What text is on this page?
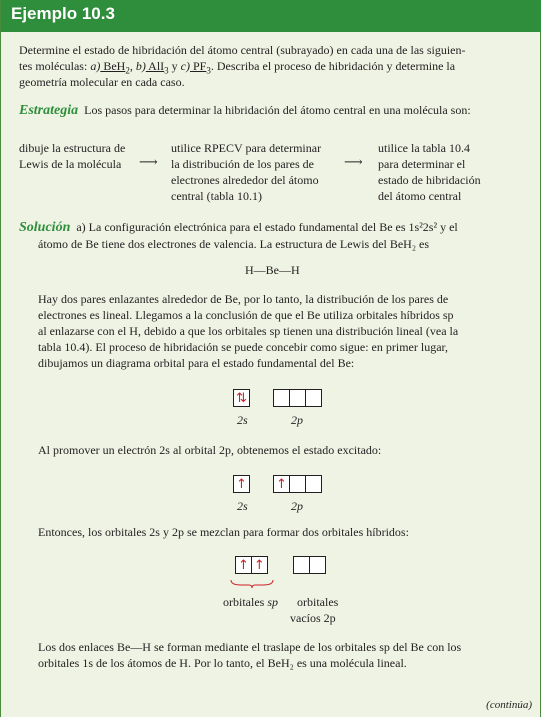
Ejemplo 10.3
Determine el estado de hibridación del átomo central (subrayado) en cada una de las siguien-
tes moléculas: a) BeH$_2$, b) AlI$_3$ y c) $PF_3$. Describa el proceso de hibridación y determine la
geometría molecular en cada caso.
Estrategia Los pasos para determinar la hibridación del átomo central en una molécula son:
dibuje la estructura de
Lewis de la molécula ⟶
utilice RPECV para determinar
la distribución de los pares de
electrones alrededor del átomo
central (tabla 10.1)
⟶
utilice la tabla 10.4
para determinar el
estado de hibridación
del átomo central
Solución a) La configuración electrónica para el estado fundamental del Be es 1s²2s² y el
átomo de Be tiene dos electrones de valencia. La estructura de Lewis del BeH₂ es
H—Be—H
Hay dos pares enlazantes alrededor de Be, por lo tanto, la distribución de los pares de
electrones es lineal. Llegamos a la conclusión de que el Be utiliza orbitales híbridos sp
al enlazarse con el H, debido a que los orbitales sp tienen una distribución lineal (vea la
tabla 10.4). El proceso de hibridación se puede concebir como sigue: en primer lugar,
dibujamos un diagrama orbital para el estado fundamental del Be:
⇅
2s	2p
Al promover un electrón 2s al orbital 2p, obtenemos el estado excitado:
↑ ↑
2s	2p
Entonces, los orbitales 2s y 2p se mezclan para formar dos orbitales híbridos:
↑ ↑
orbitales sp orbitales
vacíos 2p
Los dos enlaces Be—H se forman mediante el traslape de los orbitales sp del Be con los
orbitales 1s de los átomos de H. Por lo tanto, el BeH₂ es una molécula lineal.
(continúa)
